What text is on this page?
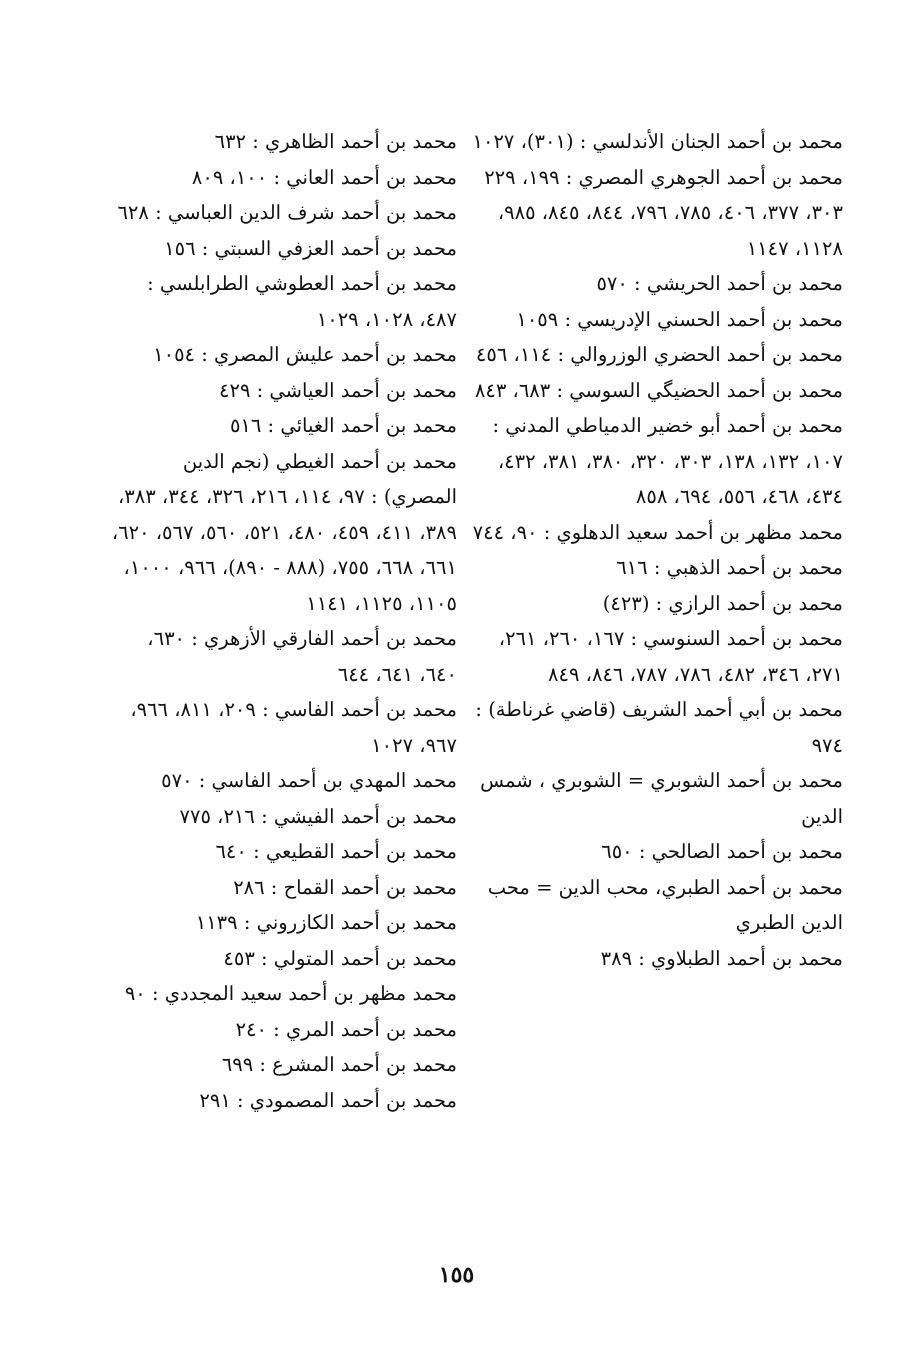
محمد بن أحمد الجنان الأندلسي : (٣٠١)، ١٠٢٧

محمد بن أحمد الجوهري المصري : ١٩٩، ٢٢٩ ٣٠٣، ٣٧٧، ٤٠٦، ٧٨٥، ٧٩٦، ٨٤٤، ٨٤٥، ٩٨٥، ١١٢٨، ١١٤٧

محمد بن أحمد الحريشي : ٥٧٠

محمد بن أحمد الحسني الإدريسي : ١٠٥٩

محمد بن أحمد الحضري الوزروالي : ١١٤، ٤٥٦

محمد بن أحمد الحضيگي السوسي : ٦٨٣، ٨٤٣

محمد بن أحمد أبو خضير الدمياطي المدني : ١٠٧، ١٣٢، ١٣٨، ٣٠٣، ٣٢٠، ٣٨٠، ٣٨١، ٤٣٢، ٤٣٤، ٤٦٨، ٥٥٦، ٦٩٤، ٨٥٨

محمد مظهر بن أحمد سعيد الدهلوي : ٩٠، ٧٤٤

محمد بن أحمد الذهبي : ٦١٦

محمد بن أحمد الرازي : (٤٢٣)

محمد بن أحمد السنوسي : ١٦٧، ٢٦٠، ٢٦١، ٢٧١، ٣٤٦، ٤٨٢، ٧٨٦، ٧٨٧، ٨٤٦، ٨٤٩

محمد بن أبي أحمد الشريف (قاضي غرناطة) : ٩٧٤

محمد بن أحمد الشوبري = الشوبري ، شمس الدين

محمد بن أحمد الصالحي : ٦٥٠

محمد بن أحمد الطبري، محب الدين = محب الدين الطبري

محمد بن أحمد الطبلاوي : ٣٨٩

محمد بن أحمد الظاهري : ٦٣٢

محمد بن أحمد العاني : ١٠٠، ٨٠٩

محمد بن أحمد شرف الدين العباسي : ٦٢٨

محمد بن أحمد العزفي السبتي : ١٥٦

محمد بن أحمد العطوشي الطرابلسي : ٤٨٧، ١٠٢٨، ١٠٢٩

محمد بن أحمد عليش المصري : ١٠٥٤

محمد بن أحمد العياشي : ٤٢٩

محمد بن أحمد الغيائي : ٥١٦

محمد بن أحمد الغيطي (نجم الدين المصري) : ٩٧، ١١٤، ٢١٦، ٣٢٦، ٣٤٤، ٣٨٣، ٣٨٩، ٤١١، ٤٥٩، ٤٨٠، ٥٢١، ٥٦٠، ٥٦٧، ٦٢٠، ٦٦١، ٦٦٨، ٧٥٥، (٨٨٨ - ٨٩٠)، ٩٦٦، ١٠٠٠، ١١٠٥، ١١٢٥، ١١٤١

محمد بن أحمد الفارقي الأزهري : ٦٣٠، ٦٤٠، ٦٤١، ٦٤٤

محمد بن أحمد الفاسي : ٢٠٩، ٨١١، ٩٦٦، ٩٦٧، ١٠٢٧

محمد المهدي بن أحمد الفاسي : ٥٧٠

محمد بن أحمد الفيشي : ٢١٦، ٧٧٥

محمد بن أحمد القطيعي : ٦٤٠

محمد بن أحمد القماح : ٢٨٦

محمد بن أحمد الكازروني : ١١٣٩

محمد بن أحمد المتولي : ٤٥٣

محمد مظهر بن أحمد سعيد المجددي : ٩٠

محمد بن أحمد المري : ٢٤٠

محمد بن أحمد المشرع : ٦٩٩

محمد بن أحمد المصمودي : ٢٩١

١٥٥
